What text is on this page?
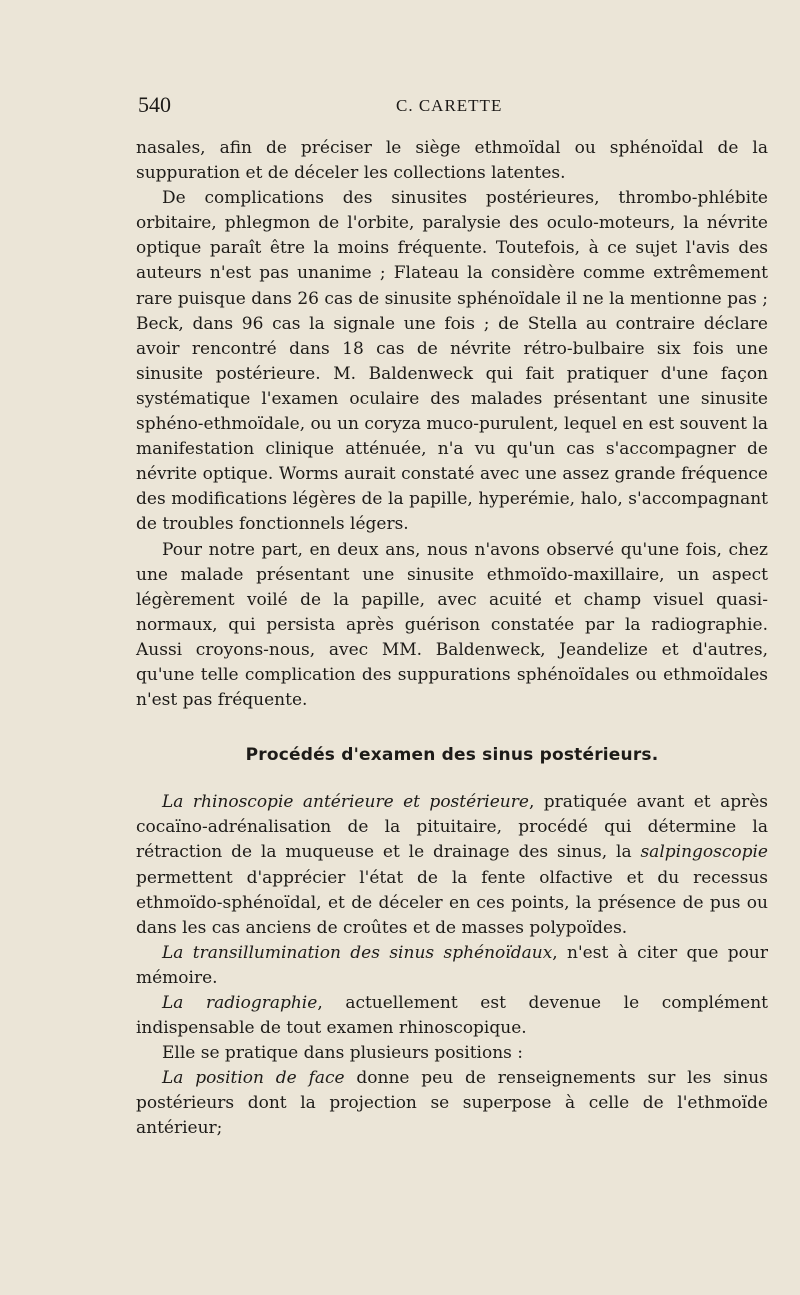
540	C. CARETTE

nasales, afin de préciser le siège ethmoïdal ou sphénoïdal de la suppuration et de déceler les collections latentes.

De complications des sinusites postérieures, thrombo-phlébite orbitaire, phlegmon de l'orbite, paralysie des oculo-moteurs, la névrite optique paraît être la moins fréquente. Toutefois, à ce sujet l'avis des auteurs n'est pas unanime ; Flateau la considère comme extrêmement rare puisque dans 26 cas de sinusite sphénoïdale il ne la mentionne pas ; Beck, dans 96 cas la signale une fois ; de Stella au contraire déclare avoir rencontré dans 18 cas de névrite rétro-bulbaire six fois une sinusite postérieure. M. Baldenweck qui fait pratiquer d'une façon systématique l'examen oculaire des malades présentant une sinusite sphéno-ethmoïdale, ou un coryza muco-purulent, lequel en est souvent la manifestation clinique atténuée, n'a vu qu'un cas s'accompagner de névrite optique. Worms aurait constaté avec une assez grande fréquence des modifications légères de la papille, hyperémie, halo, s'accompagnant de troubles fonctionnels légers.

Pour notre part, en deux ans, nous n'avons observé qu'une fois, chez une malade présentant une sinusite ethmoïdo-maxillaire, un aspect légèrement voilé de la papille, avec acuité et champ visuel quasi-normaux, qui persista après guérison constatée par la radiographie. Aussi croyons-nous, avec MM. Baldenweck, Jeandelize et d'autres, qu'une telle complication des suppurations sphénoïdales ou ethmoïdales n'est pas fréquente.

Procédés d'examen des sinus postérieurs.

La rhinoscopie antérieure et postérieure, pratiquée avant et après cocaïno-adrénalisation de la pituitaire, procédé qui détermine la rétraction de la muqueuse et le drainage des sinus, la salpingoscopie permettent d'apprécier l'état de la fente olfactive et du recessus ethmoïdo-sphénoïdal, et de déceler en ces points, la présence de pus ou dans les cas anciens de croûtes et de masses polypoïdes.

La transillumination des sinus sphénoïdaux, n'est à citer que pour mémoire.

La radiographie, actuellement est devenue le complément indispensable de tout examen rhinoscopique.

Elle se pratique dans plusieurs positions :

La position de face donne peu de renseignements sur les sinus postérieurs dont la projection se superpose à celle de l'ethmoïde antérieur;
